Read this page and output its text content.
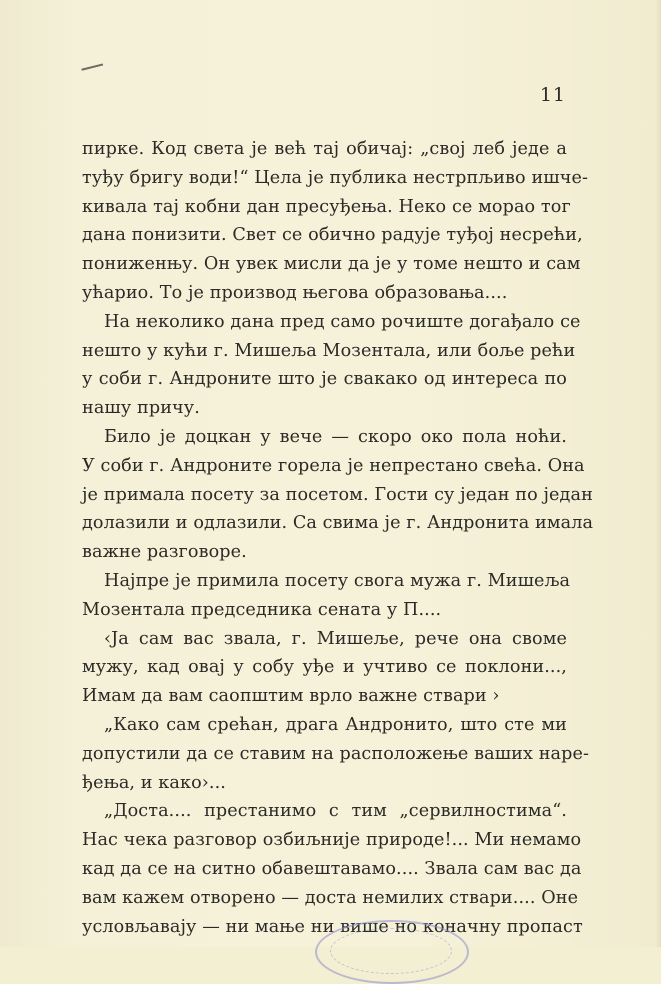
11
пирке. Код света је већ тај обичај: „свој леб једе а
туђу бригу води!“ Цела је публика нестрпљиво ишче-
кивала тај кобни дан пресуђења. Неко се морао тог
дана понизити. Свет се обично радује туђој несрећи,
пониженњу. Он увек мисли да је у томе нешто и сам
ућарио. То је производ његова образовања....
На неколико дана пред само рочиште догађало се
нешто у кући г. Мишеља Мозентала, или боље рећи
у соби г. Андроните што је свакако од интереса по
нашу причу.
Било је доцкан у вече — скоро око пола ноћи.
У соби г. Андроните горела је непрестано свећа. Она
је примала посету за посетом. Гости су један по један
долазили и одлазили. Са свима је г. Андронита имала
важне разговоре.
Најпре је примила посету свога мужа г. Мишеља
Мозентала председника сената у П....
‹Ја сам вас звала, г. Мишеље, рече она своме
мужу, кад овај у собу уђе и учтиво се поклони...,
Имам да вам саопштим врло важне ствари ›
„Како сам срећан, драга Андронито, што сте ми
допустили да се ставим на расположење ваших наре-
ђења, и како›...
„Доста.... престанимо с тим „сервилностима“.
Нас чека разговор озбиљније природе!... Ми немамо
кад да се на ситно обавештавамо.... Звала сам вас да
вам кажем отворено — доста немилих ствари.... Оне
условљавају — ни мање ни више но коначну пропаст
